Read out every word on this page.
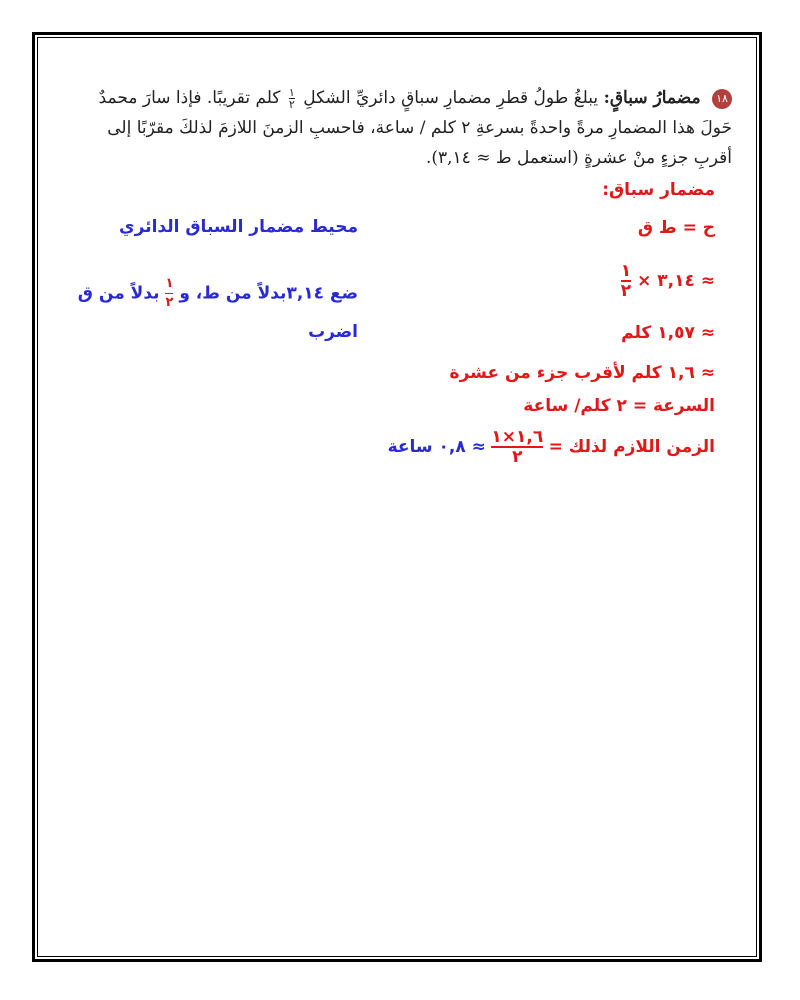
١٨ مضمارُ سباقٍ: يبلغُ طولُ قطرِ مضمارِ سباقٍ دائريِّ الشكلِ
$\frac{١}{٢}$
كلم تقريبًا. فإذا سارَ محمدٌ حَولَ هذا المضمارِ مرةً واحدةً بسرعةِ ٢ كلم / ساعة، فاحسبِ الزمنَ اللازمَ لذلكَ مقرّبًا إلى أقربِ جزءٍ منْ عشرةٍ (استعمل ط ≈ ٣,١٤).
مضمار سباق:
ح = ط ق
محيط مضمار السباق الدائري
≈ ٣,١٤ ×
$\frac{١}{٢}$
ضع ٣,١٤بدلاً من ط، و
$\frac{١}{٢}$
بدلاً من ق
≈ ١,٥٧ كلم
اضرب
≈ ١,٦ كلم لأقرب جزء من عشرة
السرعة = ٢ كلم/ ساعة
الزمن اللازم لذلك =
$\frac{١,٦\times ١}{٢}$
≈ ٠,٨ ساعة
